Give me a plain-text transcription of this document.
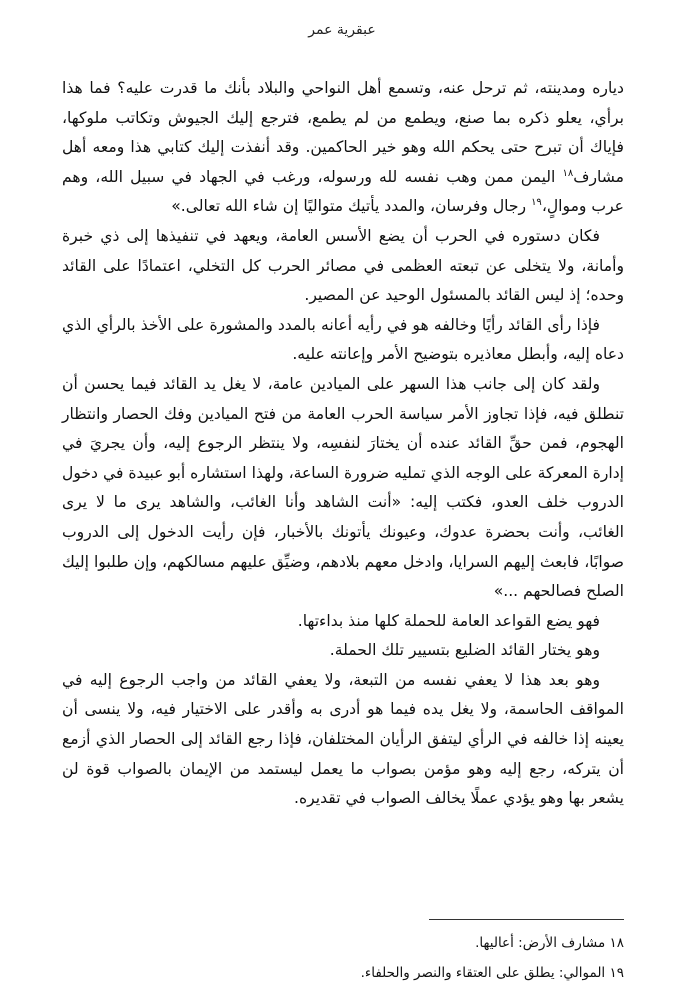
عبقرية عمر

دياره ومدينته، ثم ترحل عنه، وتسمع أهل النواحي والبلاد بأنك ما قدرت عليه؟ فما هذا برأي، يعلو ذكره بما صنع، ويطمع من لم يطمع، فترجع إليك الجيوش وتكاتب ملوكها، فإياك أن تبرح حتى يحكم الله وهو خير الحاكمين. وقد أنفذت إليك كتابي هذا ومعه أهل مشارف$^{١٨}$ اليمن ممن وهب نفسه لله ورسوله، ورغب في الجهاد في سبيل الله، وهم عرب وموالٍ،$^{١٩}$ رجال وفرسان، والمدد يأتيك متواليًا إن شاء الله تعالى.»

فكان دستوره في الحرب أن يضع الأسس العامة، ويعهد في تنفيذها إلى ذي خبرة وأمانة، ولا يتخلى عن تبعته العظمى في مصائر الحرب كل التخلي، اعتمادًا على القائد وحده؛ إذ ليس القائد بالمسئول الوحيد عن المصير.

فإذا رأى القائد رأيًا وخالفه هو في رأيه أعانه بالمدد والمشورة على الأخذ بالرأي الذي دعاه إليه، وأبطل معاذيره بتوضيح الأمر وإعانته عليه.

ولقد كان إلى جانب هذا السهر على الميادين عامة، لا يغل يد القائد فيما يحسن أن تنطلق فيه، فإذا تجاوز الأمر سياسة الحرب العامة من فتح الميادين وفك الحصار وانتظار الهجوم، فمن حقِّ القائد عنده أن يختارَ لنفسِه، ولا ينتظر الرجوع إليه، وأن يجريَ في إدارة المعركة على الوجه الذي تمليه ضرورة الساعة، ولهذا استشاره أبو عبيدة في دخول الدروب خلف العدو، فكتب إليه: «أنت الشاهد وأنا الغائب، والشاهد يرى ما لا يرى الغائب، وأنت بحضرة عدوك، وعيونك يأتونك بالأخبار، فإن رأيت الدخول إلى الدروب صوابًا، فابعث إليهم السرايا، وادخل معهم بلادهم، وضيِّق عليهم مسالكهم، وإن طلبوا إليك الصلح فصالحهم ...»

فهو يضع القواعد العامة للحملة كلها منذ بداءتها.

وهو يختار القائد الضليع بتسيير تلك الحملة.

وهو بعد هذا لا يعفي نفسه من التبعة، ولا يعفي القائد من واجب الرجوع إليه في المواقف الحاسمة، ولا يغل يده فيما هو أدرى به وأقدر على الاختيار فيه، ولا ينسى أن يعينه إذا خالفه في الرأي ليتفق الرأيان المختلفان، فإذا رجع القائد إلى الحصار الذي أزمع أن يتركه، رجع إليه وهو مؤمن بصواب ما يعمل ليستمد من الإيمان بالصواب قوة لن يشعر بها وهو يؤدي عملًا يخالف الصواب في تقديره.

١٨ مشارف الأرض: أعاليها.

١٩ الموالي: يطلق على العتقاء والنصر والحلفاء.
